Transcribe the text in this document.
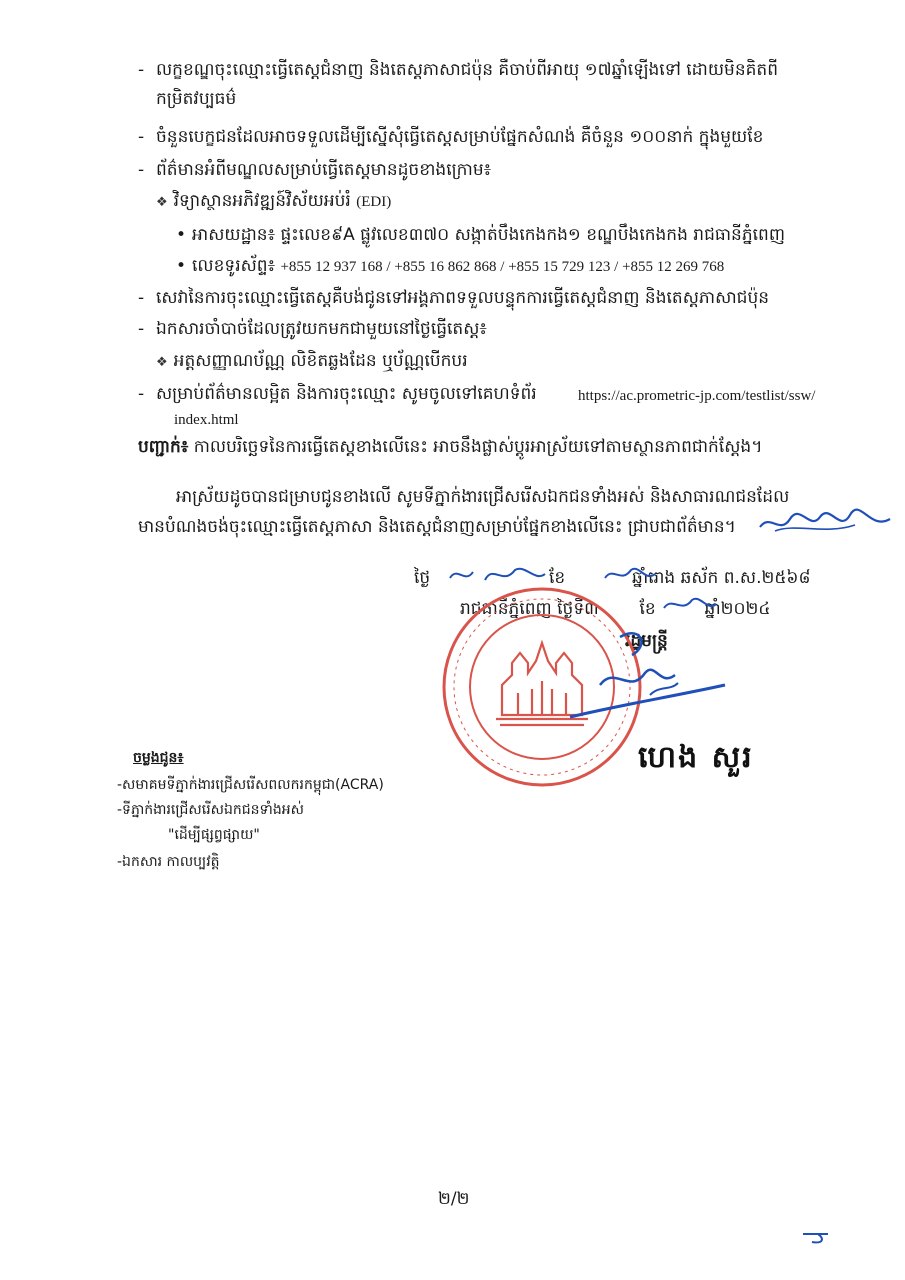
- លក្ខខណ្ឌចុះឈ្មោះធ្វើតេស្តជំនាញ និងតេស្តភាសាជប៉ុន គឺចាប់ពីអាយុ ១៧ឆ្នាំឡើងទៅ ដោយមិនគិតពី
កម្រិតវប្បធម៌
- ចំនួនបេក្ខជនដែលអាចទទួលដើម្បីស្នើសុំធ្វើតេស្តសម្រាប់ផ្នែកសំណង់ គឺចំនួន ១០០នាក់ ក្នុងមួយខែ
- ព័ត៌មានអំពីមណ្ឌលសម្រាប់ធ្វើតេស្តមានដូចខាងក្រោម៖
❖ វិទ្យាស្ថានអភិវឌ្ឍន៍វិស័យអប់រំ (EDI)
• អាសយដ្ឋាន៖ ផ្ទះលេខ៩A ផ្លូវលេខ៣៧០ សង្កាត់បឹងកេងកង១ ខណ្ឌបឹងកេងកង រាជធានីភ្នំពេញ
• លេខទូរស័ព្ទ៖ +855 12 937 168 / +855 16 862 868 / +855 15 729 123 / +855 12 269 768
- សេវានៃការចុះឈ្មោះធ្វើតេស្តគឺបង់ជូនទៅអង្គភាពទទួលបន្ទុកការធ្វើតេស្តជំនាញ និងតេស្តភាសាជប៉ុន
- ឯកសារចាំបាច់ដែលត្រូវយកមកជាមួយនៅថ្ងៃធ្វើតេស្ត៖
❖ អត្តសញ្ញាណប័ណ្ណ លិខិតឆ្លងដែន ឬប័ណ្ណបើកបរ
- សម្រាប់ព័ត៌មានលម្អិត និងការចុះឈ្មោះ សូមចូលទៅគេហទំព័រ	https://ac.prometric-jp.com/testlist/ssw/
index.html
បញ្ជាក់៖ កាលបរិច្ឆេទនៃការធ្វើតេស្តខាងលើនេះ អាចនឹងផ្លាស់ប្តូរអាស្រ័យទៅតាមស្ថានភាពជាក់ស្តែង។
អាស្រ័យដូចបានជម្រាបជូនខាងលើ សូមទីភ្នាក់ងារជ្រើសរើសឯកជនទាំងអស់ និងសាធារណជនដែល
មានបំណងចង់ចុះឈ្មោះធ្វើតេស្តភាសា និងតេស្តជំនាញសម្រាប់ផ្នែកខាងលើនេះ ជ្រាបជាព័ត៌មាន។
ថ្ងៃ	ខែ	ឆ្នាំរោង ឆស័ក ព.ស.២៥៦៨
រាជធានីភ្នំពេញ ថ្ងៃទី៣ ខែ	ឆ្នាំ២០២៤
រដ្ឋមន្ត្រី
ហេង សួរ
ចម្លងជូន៖
-សមាគមទីភ្នាក់ងារជ្រើសរើសពលករកម្ពុជា(ACRA)
-ទីភ្នាក់ងារជ្រើសរើសឯកជនទាំងអស់
"ដើម្បីផ្សព្វផ្សាយ"
-ឯកសារ កាលប្បវត្តិ
២/២
